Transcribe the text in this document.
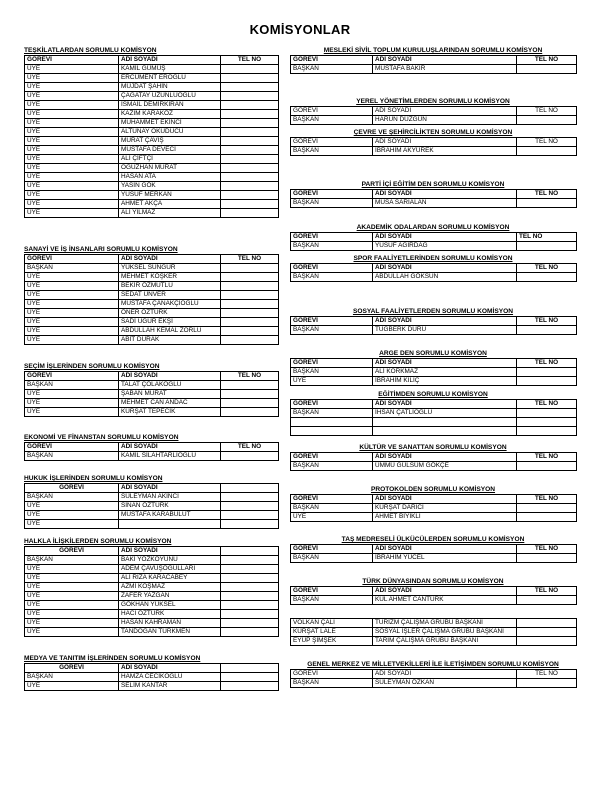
KOMİSYONLAR
TEŞKİLATLARDAN SORUMLU KOMİSYON
GÖREVİ	ADI SOYADI	TEL NO
ÜYE	KAMİL GÜMÜŞ	
ÜYE	ERCÜMENT EROĞLU	
ÜYE	MÜJDAT ŞAHİN	
ÜYE	ÇAĞATAY UZUNLUOĞLU	
ÜYE	İSMAİL DEMİRKIRAN	
ÜYE	KAZIM KARAKÖZ	
ÜYE	MUHAMMET EKİNCİ	
ÜYE	ALTUNAY OKUDUCU	
ÜYE	MURAT ÇAVIŞ	
ÜYE	MUSTAFA DEVECİ	
ÜYE	ALİ ÇİFTÇİ	
ÜYE	OĞUZHAN MURAT	
ÜYE	HASAN ATA	
ÜYE	YASİN GÖK	
ÜYE	YUSUF MERKAN	
ÜYE	AHMET AKÇA	
ÜYE	ALİ YILMAZ	
SANAYİ VE İŞ İNSANLARI SORUMLU KOMİSYON
GÖREVİ	ADI SOYADI	TEL NO
BAŞKAN	YÜKSEL SUNGUR	
ÜYE	MEHMET KÖŞKER	
ÜYE	BEKİR ÖZMUTLU	
ÜYE	SEDAT ÜNVER	
ÜYE	MUSTAFA ÇANAKÇIOĞLU	
ÜYE	ÖNER ÖZTÜRK	
ÜYE	SADİ UĞUR EKŞİ	
ÜYE	ABDULLAH KEMAL ZORLU	
ÜYE	ABİT DURAK	
SEÇİM İŞLERİNDEN SORUMLU KOMİSYON
GÖREVİ	ADI SOYADI	TEL NO
BAŞKAN	TALAT ÇOLAKOĞLU	
ÜYE	ŞABAN MURAT	
ÜYE	MEHMET CAN ANDAC	
ÜYE	KÜRŞAT TEPECİK	
EKONOMİ VE FİNANSTAN SORUMLU KOMİSYON
GÖREVİ	ADI SOYADI	TEL NO
BAŞKAN	KAMİL SİLAHTARLIOĞLU	
HUKUK İŞLERİNDEN SORUMLU KOMİSYON
GÖREVİ	ADI SOYADI	
BAŞKAN	SÜLEYMAN AKINCI	
ÜYE	SİNAN ÖZTÜRK	
ÜYE	MUSTAFA KARABULUT	
ÜYE		
HALKLA İLİŞKİLERDEN SORUMLU KOMİSYON
GÖREVİ	ADI SOYADI	
BAŞKAN	BAKİ YOZKOYUNU	
ÜYE	ADEM ÇAVUŞOĞULLARI	
ÜYE	ALİ RIZA KARACABEY	
ÜYE	AZMİ KOŞMAZ	
ÜYE	ZAFER YAZGAN	
ÜYE	GÖKHAN YÜKSEL	
ÜYE	HACI ÖZTÜRK	
ÜYE	HASAN KAHRAMAN	
ÜYE	TANDOĞAN TÜRKMEN	
MEDYA VE TANITIM İŞLERİNDEN SORUMLU KOMİSYON
GÖREVİ	ADI SOYADI	
BAŞKAN	HAMZA CECİKOĞLU	
ÜYE	SELİM KANTAR	
MESLEKİ SİVİL TOPLUM KURULUŞLARINDAN SORUMLU KOMİSYON
GÖREVİ	ADI SOYADI	TEL NO
BAŞKAN	MUSTAFA BAKIR	
YEREL YÖNETİMLERDEN SORUMLU KOMİSYON
GÖREVİ	ADI SOYADI	TEL NO
BAŞKAN	HARUN DÜZGÜN	
ÇEVRE VE ŞEHİRCİLİKTEN SORUMLU KOMİSYON
GÖREVİ	ADI SOYADI	TEL NO
BAŞKAN	İBRAHİM AKYÜREK	
PARTİ İÇİ EĞİTİM DEN SORUMLU KOMİSYON
GÖREVİ	ADI SOYADI	TEL NO
BAŞKAN	MUSA SARIALAN	
AKADEMİK ODALARDAN SORUMLU KOMİSYON
GÖREVİ	ADI SOYADI	TEL NO
BAŞKAN	YUSUF AĞIRDAĞ	
SPOR FAALİYETLERİNDEN SORUMLU KOMİSYON
GÖREVİ	ADI SOYADI	TEL NO
BAŞKAN	ABDULLAH GÖKSUN	
SOSYAL FAALİYETLERDEN SORUMLU KOMİSYON
GÖREVİ	ADI SOYADI	TEL NO
BAŞKAN	TUĞBERK DURU	
ARGE DEN SORUMLU KOMİSYON
GÖREVİ	ADI SOYADI	TEL NO
BAŞKAN	ALİ KORKMAZ	
ÜYE	İBRAHİM KILIÇ	
EĞİTİMDEN SORUMLU KOMİSYON
GÖREVİ	ADI SOYADI	TEL NO
BAŞKAN	İHSAN ÇATLIOĞLU	

KÜLTÜR VE SANATTAN SORUMLU KOMİSYON
GÖREVİ	ADI SOYADI	TEL NO
BAŞKAN	ÜMMÜ GÜLSÜM GÖKÇE	
PROTOKOLDEN SORUMLU KOMİSYON
GÖREVİ	ADI SOYADI	TEL NO
BAŞKAN	KÜRŞAT DARICI	
ÜYE	AHMET BIYIKLI	
TAŞ MEDRESELİ ÜLKÜCÜLERDEN SORUMLU KOMİSYON
GÖREVİ	ADI SOYADI	TEL NO
BAŞKAN	İBRAHİM YÜCEL	
TÜRK DÜNYASINDAN SORUMLU KOMİSYON
GÖREVİ	ADI SOYADI	TEL NO
BAŞKAN	KUL AHMET CANTÜRK	
VOLKAN ÇALI	TURİZM ÇALIŞMA GRUBU BAŞKANI	
KÜRŞAT LALE	SOSYAL İŞLER ÇALIŞMA GRUBU BAŞKANI	
EYÜP ŞİMŞEK	TARIM ÇALIŞMA GRUBU BAŞKANI	
GENEL MERKEZ VE MİLLETVEKİLLERİ İLE İLETİŞİMDEN SORUMLU KOMİSYON
GÖREVİ	ADI SOYADI	TEL NO
BAŞKAN	SÜLEYMAN ÖZKAN	
